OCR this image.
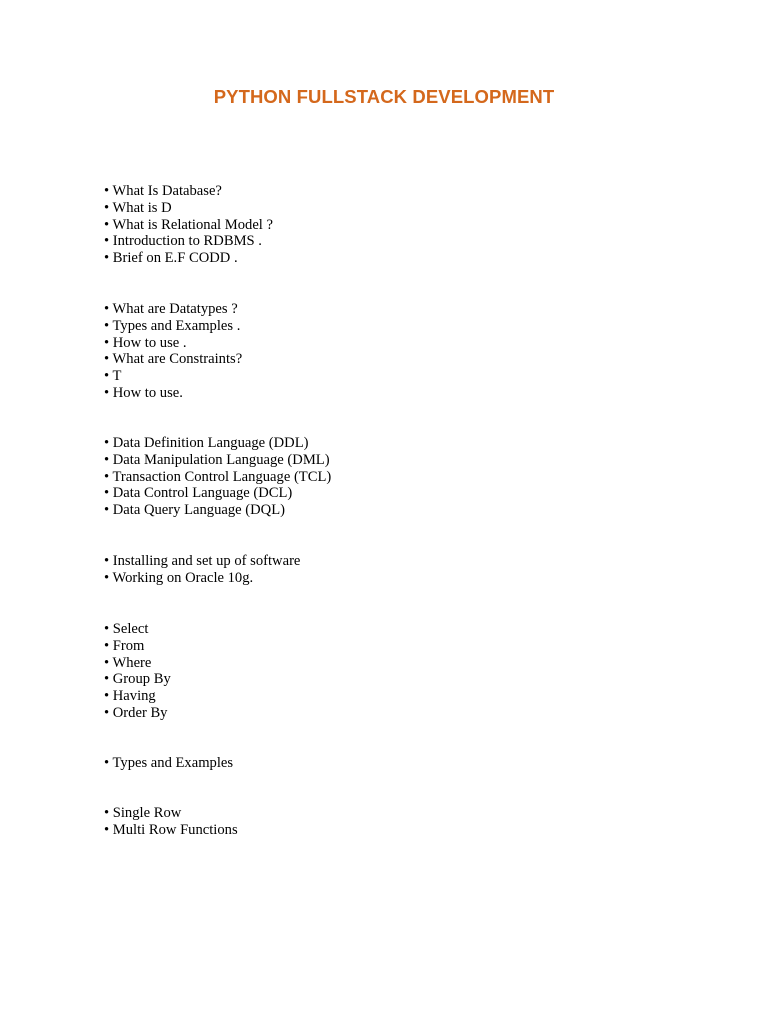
PYTHON FULLSTACK DEVELOPMENT
• What Is Database?
• What is D
• What is Relational Model ?
• Introduction to RDBMS .
• Brief on E.F CODD .
• What are Datatypes ?
• Types and Examples .
• How to use .
• What are Constraints?
• T
• How to use.
• Data Definition Language (DDL)
• Data Manipulation Language (DML)
• Transaction Control Language (TCL)
• Data Control Language (DCL)
• Data Query Language (DQL)
• Installing and set up of software
• Working on Oracle 10g.
• Select
• From
• Where
• Group By
• Having
• Order By
• Types and Examples
• Single Row
• Multi Row Functions
